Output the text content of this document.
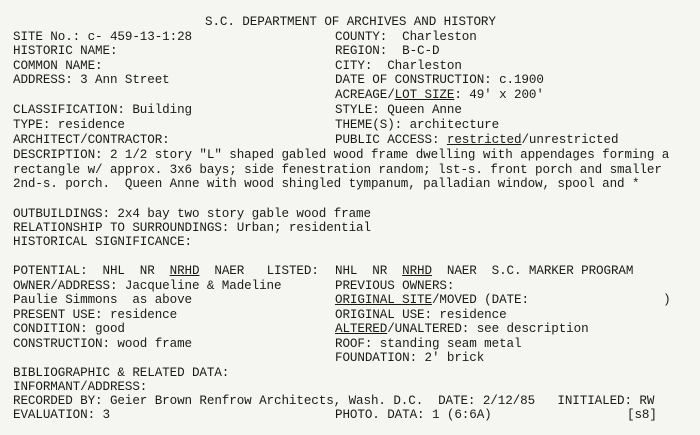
S.C. DEPARTMENT OF ARCHIVES AND HISTORY
SITE No.: c- 459-13-1:28	COUNTY:  Charleston
HISTORIC NAME:	REGION:  B-C-D
COMMON NAME:	CITY:  Charleston
ADDRESS: 3 Ann Street	DATE OF CONSTRUCTION: c.1900
ACREAGE/LOT SIZE: 49' x 200'
CLASSIFICATION: Building	STYLE: Queen Anne
TYPE: residence	THEME(S): architecture
ARCHITECT/CONTRACTOR:	PUBLIC ACCESS: restricted/unrestricted
DESCRIPTION: 2 1/2 story "L" shaped gabled wood frame dwelling with appendages forming a
rectangle w/ approx. 3x6 bays; side fenestration random; lst-s. front porch and smaller
2nd-s. porch.  Queen Anne with wood shingled tympanum, palladian window, spool and *
OUTBUILDINGS: 2x4 bay two story gable wood frame
RELATIONSHIP TO SURROUNDINGS: Urban; residential
HISTORICAL SIGNIFICANCE:
POTENTIAL:  NHL  NR  NRHD  NAER   LISTED: NHL  NR  NRHD  NAER  S.C. MARKER PROGRAM
OWNER/ADDRESS: Jacqueline & Madeline	PREVIOUS OWNERS:
Paulie Simmons  as above	ORIGINAL SITE/MOVED (DATE:                  )
PRESENT USE: residence	ORIGINAL USE: residence
CONDITION: good	ALTERED/UNALTERED: see description
CONSTRUCTION: wood frame	ROOF: standing seam metal
FOUNDATION: 2' brick
BIBLIOGRAPHIC & RELATED DATA:
INFORMANT/ADDRESS:
RECORDED BY: Geier Brown Renfrow Architects, Wash. D.C.  DATE: 2/12/85   INITIALED: RW
EVALUATION: 3	PHOTO. DATA: 1 (6:6A)	[s8]
